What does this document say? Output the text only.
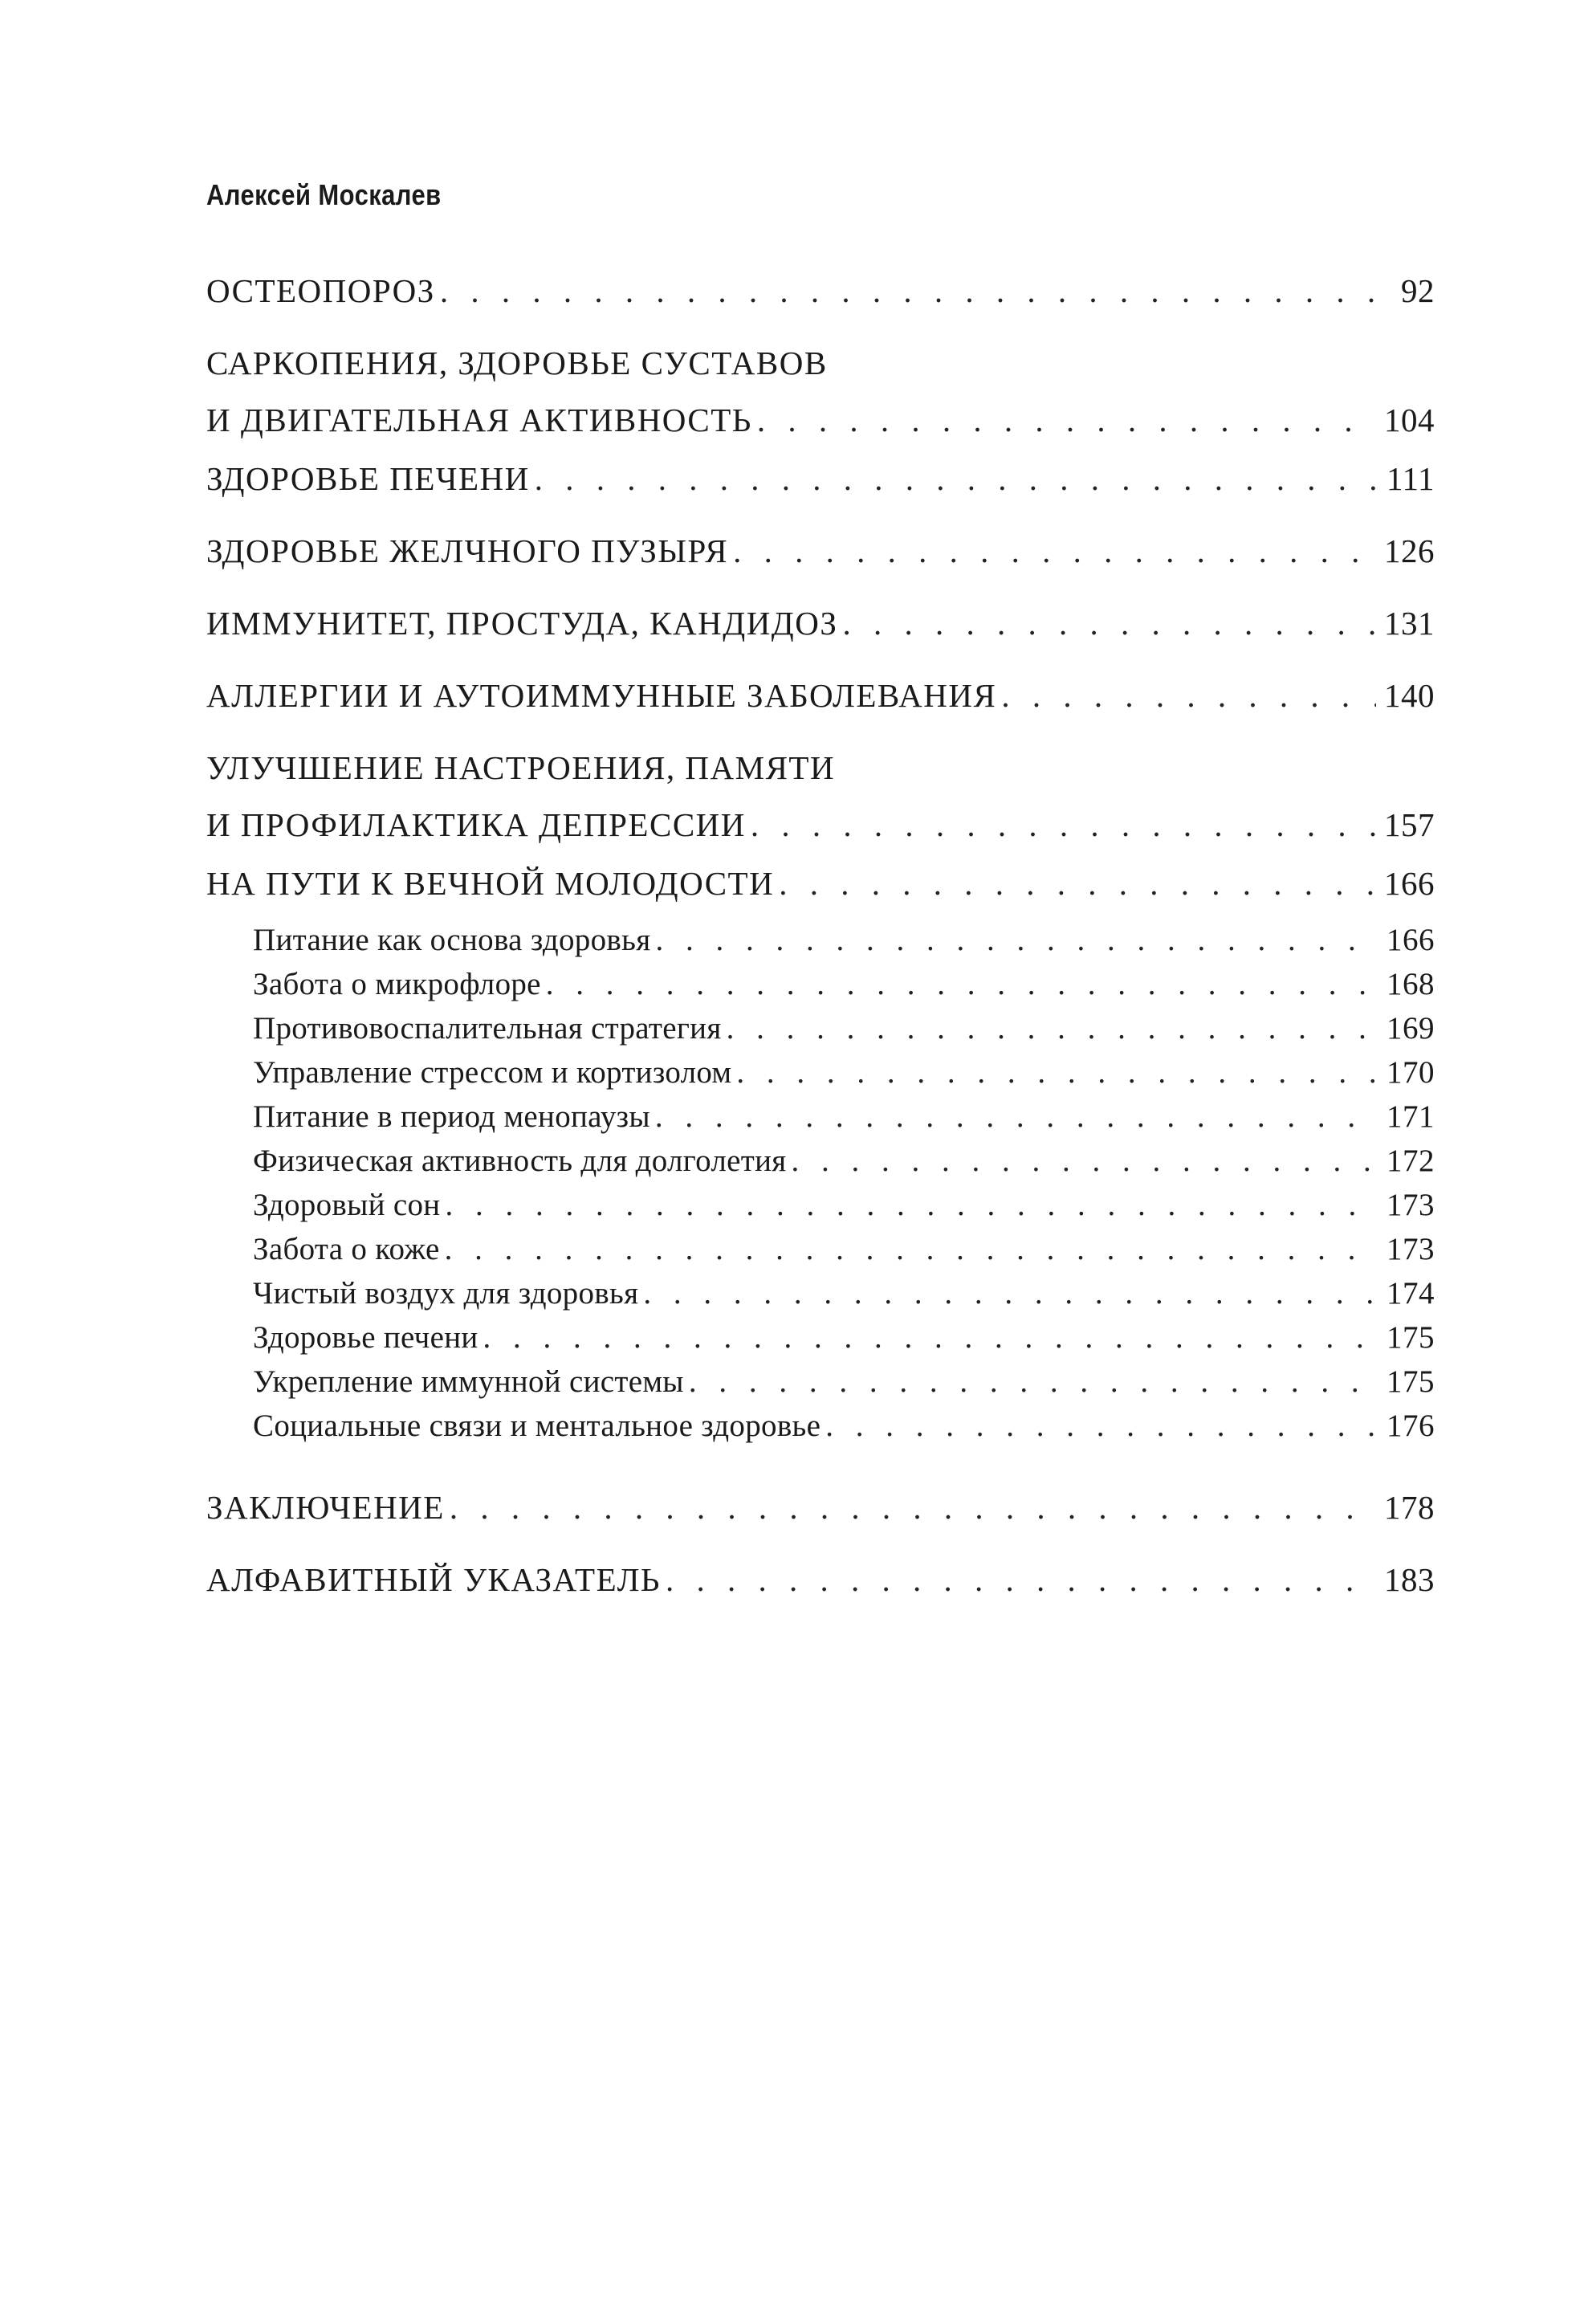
Алексей Москалев
ОСТЕОПОРОЗ . . .	92
САРКОПЕНИЯ, ЗДОРОВЬЕ СУСТАВОВ
И ДВИГАТЕЛЬНАЯ АКТИВНОСТЬ . . .	104
ЗДОРОВЬЕ ПЕЧЕНИ . . .	111
ЗДОРОВЬЕ ЖЕЛЧНОГО ПУЗЫРЯ . . .	126
ИММУНИТЕТ, ПРОСТУДА, КАНДИДОЗ . . .	131
АЛЛЕРГИИ И АУТОИММУННЫЕ ЗАБОЛЕВАНИЯ . . .	140
УЛУЧШЕНИЕ НАСТРОЕНИЯ, ПАМЯТИ
И ПРОФИЛАКТИКА ДЕПРЕССИИ . . .	157
НА ПУТИ К ВЕЧНОЙ МОЛОДОСТИ . . .	166
Питание как основа здоровья . . .	166
Забота о микрофлоре . . .	168
Противовоспалительная стратегия . . .	169
Управление стрессом и кортизолом . . .	170
Питание в период менопаузы . . .	171
Физическая активность для долголетия . . .	172
Здоровый сон . . .	173
Забота о коже . . .	173
Чистый воздух для здоровья . . .	174
Здоровье печени . . .	175
Укрепление иммунной системы . . .	175
Социальные связи и ментальное здоровье . . .	176
ЗАКЛЮЧЕНИЕ . . .	178
АЛФАВИТНЫЙ УКАЗАТЕЛЬ . . .	183
